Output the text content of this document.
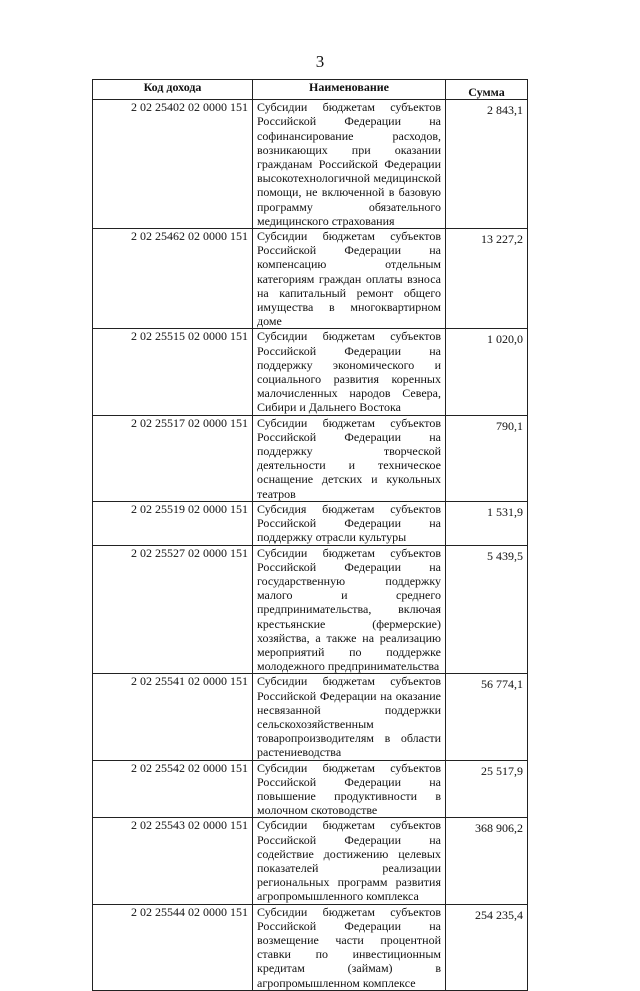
3
Код дохода	Наименование	Сумма
2 02 25402 02 0000 151	Субсидии бюджетам субъектов Российской Федерации на софинансирование расходов, возникающих при оказании гражданам Российской Федерации высокотехнологичной медицинской помощи, не включенной в базовую программу обязательного медицинского страхования	2 843,1

2 02 25462 02 0000 151	Субсидии бюджетам субъектов Российской Федерации на компенсацию отдельным категориям граждан оплаты взноса на капитальный ремонт общего имущества в многоквартирном доме	13 227,2

2 02 25515 02 0000 151	Субсидии бюджетам субъектов Российской Федерации на поддержку экономического и социального развития коренных малочисленных народов Севера, Сибири и Дальнего Востока	1 020,0

2 02 25517 02 0000 151	Субсидии бюджетам субъектов Российской Федерации на поддержку творческой деятельности и техническое оснащение детских и кукольных театров	790,1

2 02 25519 02 0000 151	Субсидия бюджетам субъектов Российской Федерации на поддержку отрасли культуры	1 531,9

2 02 25527 02 0000 151	Субсидии бюджетам субъектов Российской Федерации на государственную поддержку малого и среднего предпринимательства, включая крестьянские (фермерские) хозяйства, а также на реализацию мероприятий по поддержке молодежного предпринимательства	5 439,5

2 02 25541 02 0000 151	Субсидии бюджетам субъектов Российской Федерации на оказание несвязанной поддержки сельскохозяйственным товаропроизводителям в области растениеводства	56 774,1

2 02 25542 02 0000 151	Субсидии бюджетам субъектов Российской Федерации на повышение продуктивности в молочном скотоводстве	25 517,9

2 02 25543 02 0000 151	Субсидии бюджетам субъектов Российской Федерации на содействие достижению целевых показателей реализации региональных программ развития агропромышленного комплекса	368 906,2

2 02 25544 02 0000 151	Субсидии бюджетам субъектов Российской Федерации на возмещение части процентной ставки по инвестиционным кредитам (займам) в агропромышленном комплексе	254 235,4
